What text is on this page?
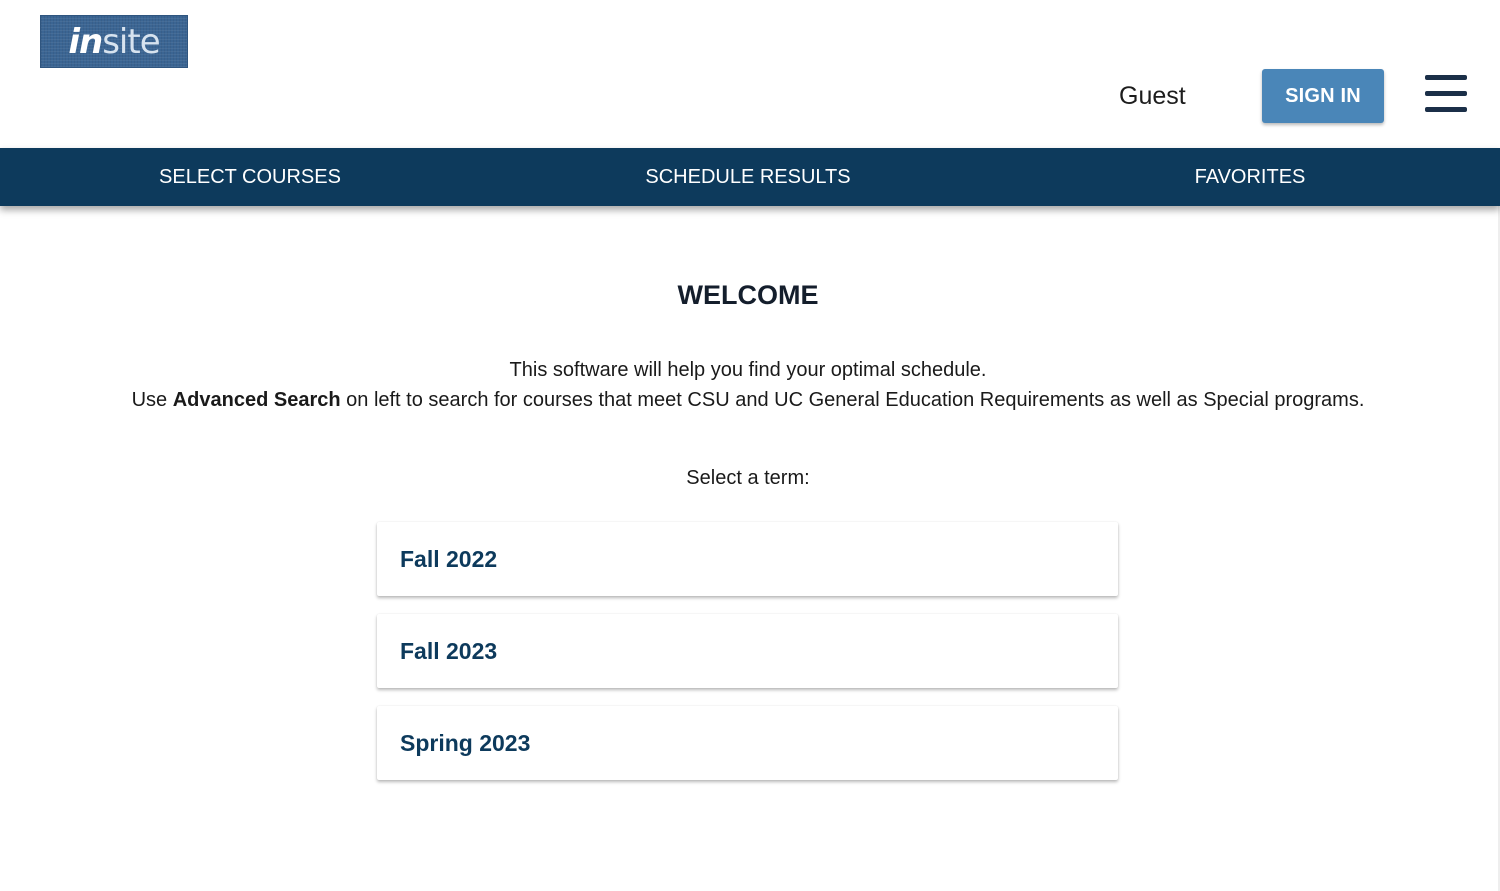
in site
Guest	SIGN IN
SELECT COURSES	SCHEDULE RESULTS	FAVORITES
WELCOME

This software will help you find your optimal schedule.

Use Advanced Search on left to search for courses that meet CSU and UC General Education Requirements as well as Special programs.

Select a term:

Fall 2022
Fall 2023
Spring 2023
